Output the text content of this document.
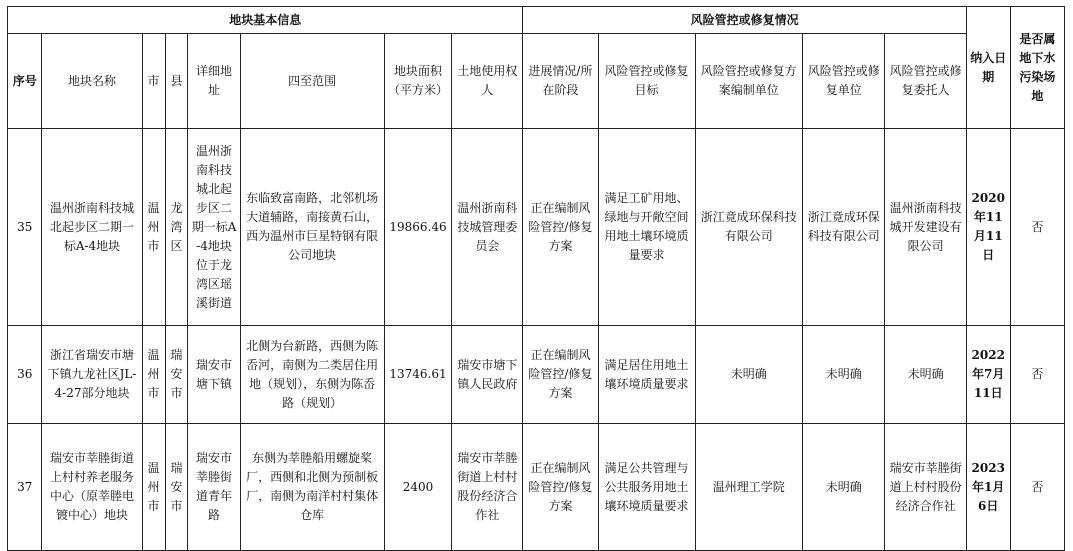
地块基本信息								风险管控或修复情况					纳入日期	是否属地下水污染场地
序号	地块名称	市	县	详细地址	四至范围	地块面积（平方米）	土地使用权人	进展情况/所在阶段	风险管控或修复目标	风险管控或修复方案编制单位	风险管控或修复单位	风险管控或修复委托人		
35	温州浙南科技城北起步区二期一标A-4地块	温州市	龙湾区	温州浙南科技城北起步区二期一标A-4地块位于龙湾区瑶溪街道	东临致富南路，北邻机场大道辅路，南接黄石山，西为温州市巨星特钢有限公司地块	19866.46	温州浙南科技城管理委员会	正在编制风险管控/修复方案	满足工矿用地、绿地与开敞空间用地土壤环境质量要求	浙江竟成环保科技有限公司	浙江竟成环保科技有限公司	温州浙南科技城开发建设有限公司	2020年11月11日	否
36	浙江省瑞安市塘下镇九龙社区JL-4-27部分地块	温州市	瑞安市	瑞安市塘下镇	北侧为台新路，西侧为陈岙河，南侧为二类居住用地（规划），东侧为陈岙路（规划）	13746.61	瑞安市塘下镇人民政府	正在编制风险管控/修复方案	满足居住用地土壤环境质量要求	未明确	未明确	未明确	2022年7月11日	否
37	瑞安市莘塍街道上村村养老服务中心（原莘塍电镀中心）地块	温州市	瑞安市	瑞安市莘塍街道青年路	东侧为莘塍船用螺旋桨厂，西侧和北侧为预制板厂，南侧为南洋村村集体仓库	2400	瑞安市莘塍街道上村村股份经济合作社	正在编制风险管控/修复方案	满足公共管理与公共服务用地土壤环境质量要求	温州理工学院	未明确	瑞安市莘塍街道上村村股份经济合作社	2023年1月6日	否
